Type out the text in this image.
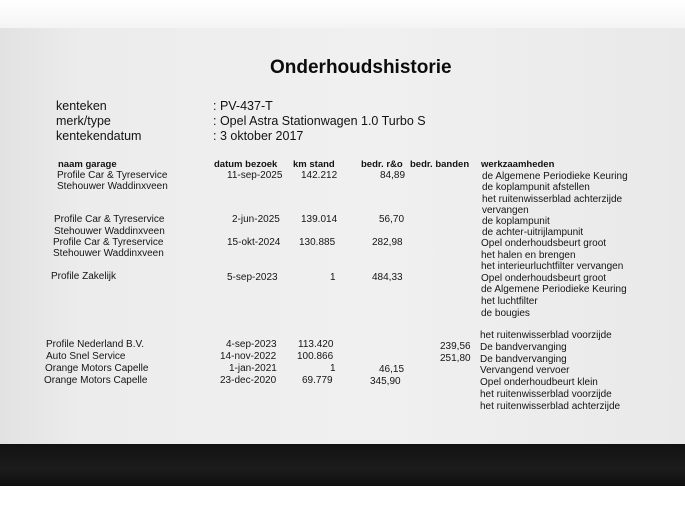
Onderhoudshistorie
kenteken
merk/type
kentekendatum
: PV-437-T
: Opel Astra Stationwagen 1.0 Turbo S
: 3 oktober 2017
naam garage	datum bezoek km stand	bedr. r&o bedr. banden werkzaamheden
Profile Car & Tyreservice
Stehouwer Waddinxveen
Profile Car & Tyreservice
Stehouwer Waddinxveen
Profile Car & Tyreservice
Stehouwer Waddinxveen
Profile Zakelijk
Profile Nederland B.V.
Auto Snel Service
Orange Motors Capelle
Orange Motors Capelle
11-sep-2025
2-jun-2025
15-okt-2024
5-sep-2023
4-sep-2023
14-nov-2022
1-jan-2021
23-dec-2020
142.212
139.014
130.885
1
113.420
100.866
1
69.779
84,89
56,70
282,98
484,33
46,15
345,90
239,56
251,80
de Algemene Periodieke Keuring
de koplampunit afstellen
het ruitenwisserblad achterzijde
vervangen
de koplampunit
de achter-uitrijlampunit
Opel onderhoudsbeurt groot
het halen en brengen
het interieurluchtfilter vervangen
Opel onderhoudsbeurt groot
de Algemene Periodieke Keuring
het luchtfilter
de bougies
het ruitenwisserblad voorzijde
De bandvervanging
De bandvervanging
Vervangend vervoer
Opel onderhoudbeurt klein
het ruitenwisserblad voorzijde
het ruitenwisserblad achterzijde
